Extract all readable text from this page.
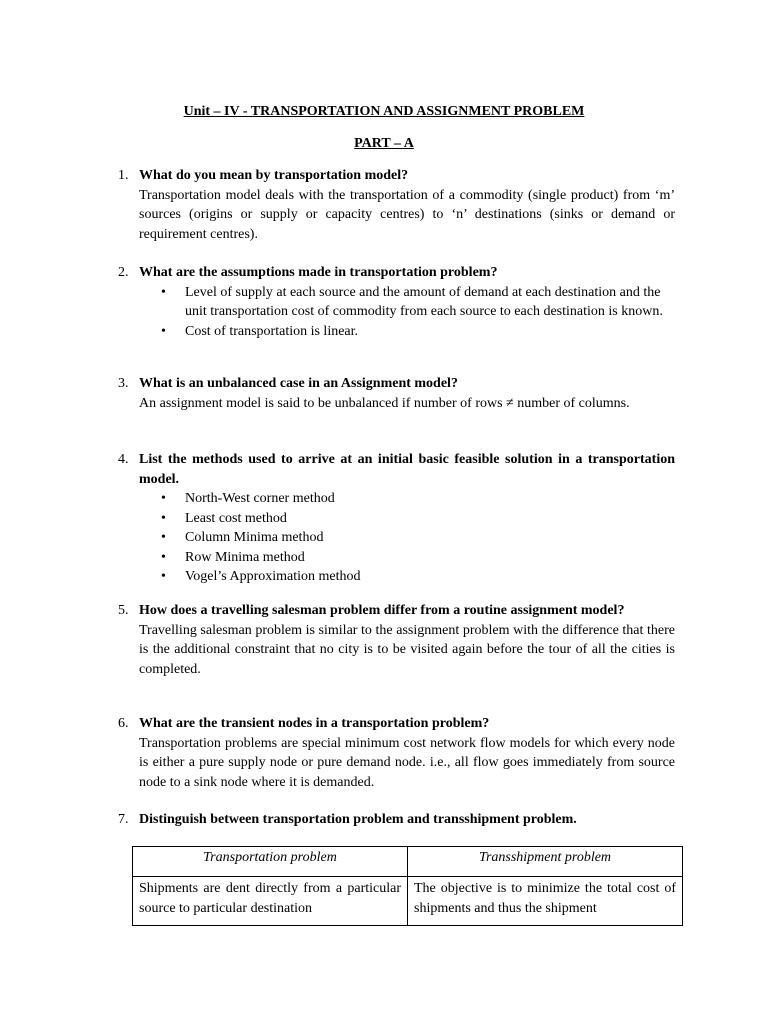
Unit – IV - TRANSPORTATION AND ASSIGNMENT PROBLEM
PART – A
1. What do you mean by transportation model?
Transportation model deals with the transportation of a commodity (single product) from ‘m’ sources (origins or supply or capacity centres) to ‘n’ destinations (sinks or demand or requirement centres).
2. What are the assumptions made in transportation problem?
• Level of supply at each source and the amount of demand at each destination and the unit transportation cost of commodity from each source to each destination is known.
• Cost of transportation is linear.
3. What is an unbalanced case in an Assignment model?
An assignment model is said to be unbalanced if number of rows ≠ number of columns.
4. List the methods used to arrive at an initial basic feasible solution in a transportation model.
• North-West corner method
• Least cost method
• Column Minima method
• Row Minima method
• Vogel’s Approximation method
5. How does a travelling salesman problem differ from a routine assignment model?
Travelling salesman problem is similar to the assignment problem with the difference that there is the additional constraint that no city is to be visited again before the tour of all the cities is completed.
6. What are the transient nodes in a transportation problem?
Transportation problems are special minimum cost network flow models for which every node is either a pure supply node or pure demand node. i.e., all flow goes immediately from source node to a sink node where it is demanded.
7. Distinguish between transportation problem and transshipment problem.
Transportation problem	Transshipment problem
Shipments are dent directly from a particular source to particular destination	The objective is to minimize the total cost of shipments and thus the shipment
